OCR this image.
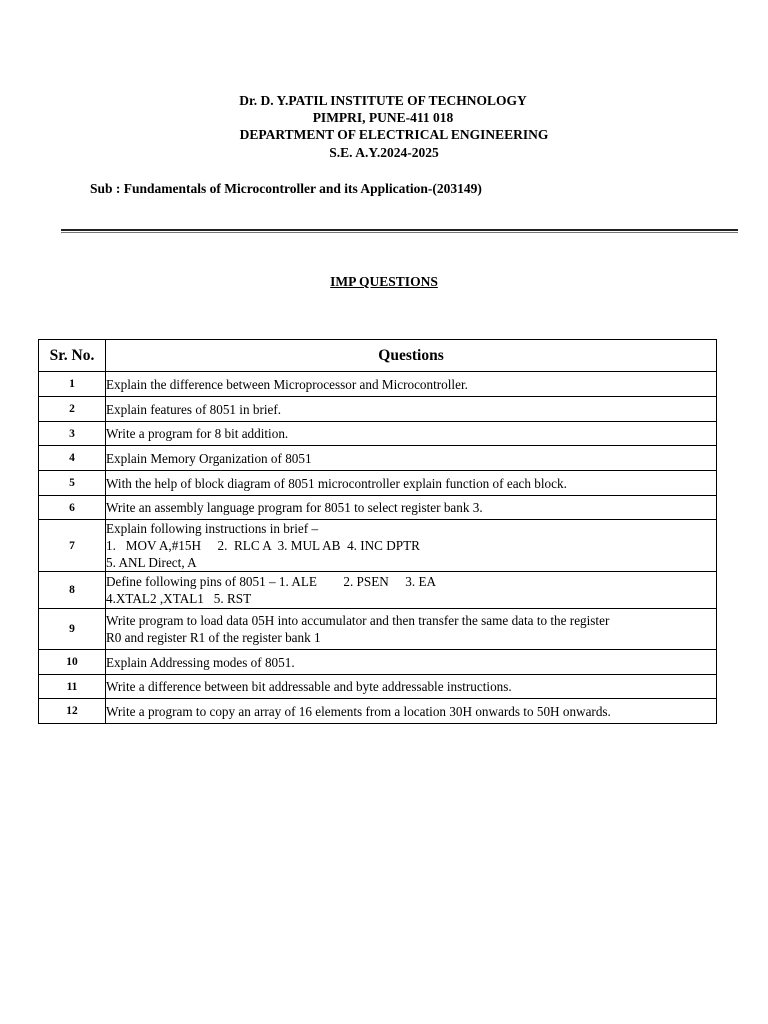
Dr. D. Y.PATIL INSTITUTE OF TECHNOLOGY
PIMPRI, PUNE-411 018
DEPARTMENT OF ELECTRICAL ENGINEERING
S.E. A.Y.2024-2025
Sub : Fundamentals of Microcontroller and its Application-(203149)
IMP QUESTIONS
Sr. No.	Questions
1	Explain the difference between Microprocessor and Microcontroller.

2	Explain features of 8051 in brief.

3	Write a program for 8 bit addition.

4	Explain Memory Organization of 8051

5	With the help of block diagram of 8051 microcontroller explain function of each block.

6	Write an assembly language program for 8051 to select register bank 3.

7	Explain following instructions in brief –
1.   MOV A,#15H     2.  RLC A  3. MUL AB  4. INC DPTR
5. ANL Direct, A

8	Define following pins of 8051 – 1. ALE        2. PSEN     3. EA
4.XTAL2 ,XTAL1   5. RST

9	Write program to load data 05H into accumulator and then transfer the same data to the register
R0 and register R1 of the register bank 1

10	Explain Addressing modes of 8051.

11	Write a difference between bit addressable and byte addressable instructions.

12	Write a program to copy an array of 16 elements from a location 30H onwards to 50H onwards.
